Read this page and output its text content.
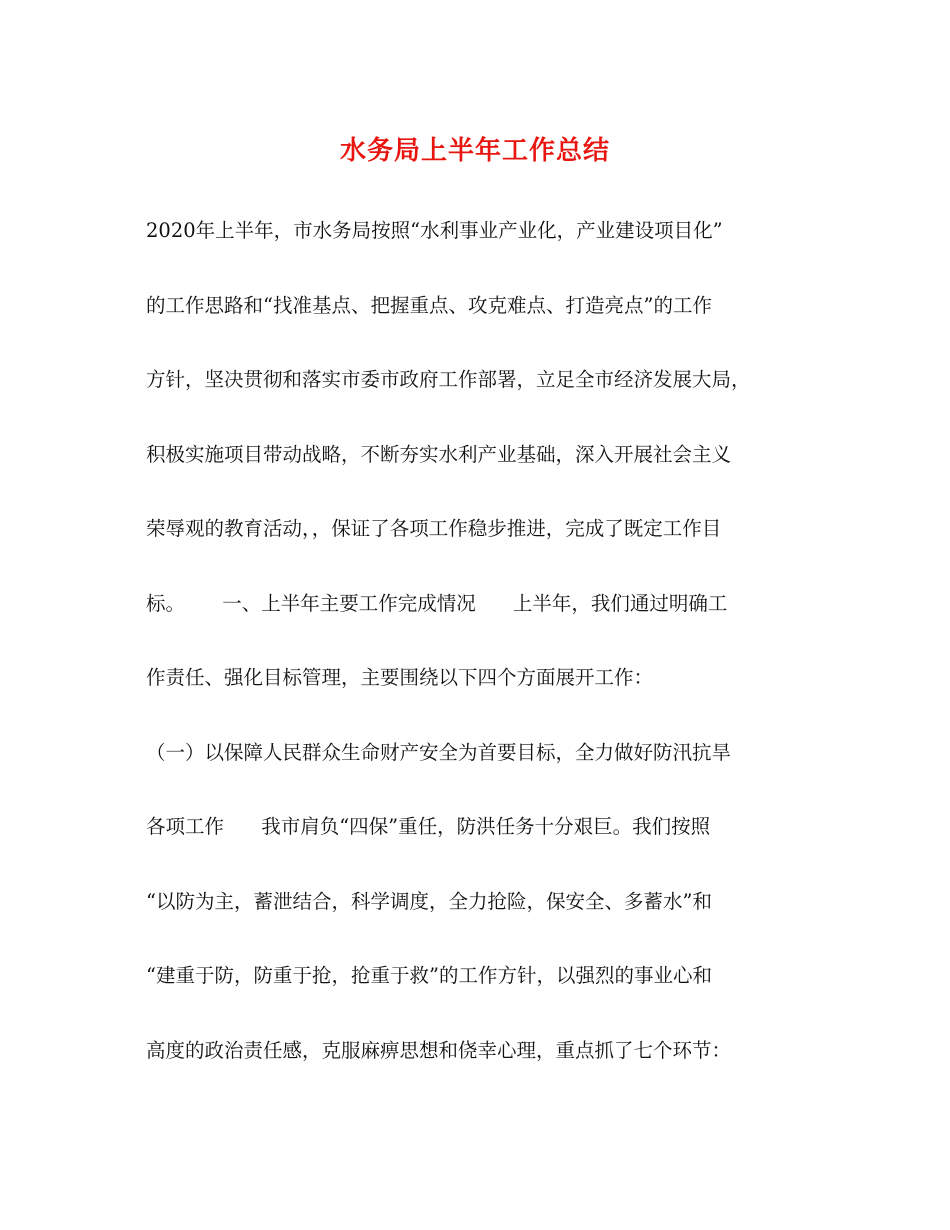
水务局上半年工作总结
2020年上半年，市水务局按照“水利事业产业化，产业建设项目化”
的工作思路和“找准基点、把握重点、攻克难点、打造亮点”的工作
方针，坚决贯彻和落实市委市政府工作部署，立足全市经济发展大局，
积极实施项目带动战略，不断夯实水利产业基础，深入开展社会主义
荣辱观的教育活动，，保证了各项工作稳步推进，完成了既定工作目
标。      一、上半年主要工作完成情况      上半年，我们通过明确工
作责任、强化目标管理，主要围绕以下四个方面展开工作：
（一）以保障人民群众生命财产安全为首要目标，全力做好防汛抗旱
各项工作      我市肩负“四保”重任，防洪任务十分艰巨。我们按照
“以防为主，蓄泄结合，科学调度，全力抢险，保安全、多蓄水”和
“建重于防，防重于抢，抢重于救”的工作方针，以强烈的事业心和
高度的政治责任感，克服麻痹思想和侥幸心理，重点抓了七个环节：
